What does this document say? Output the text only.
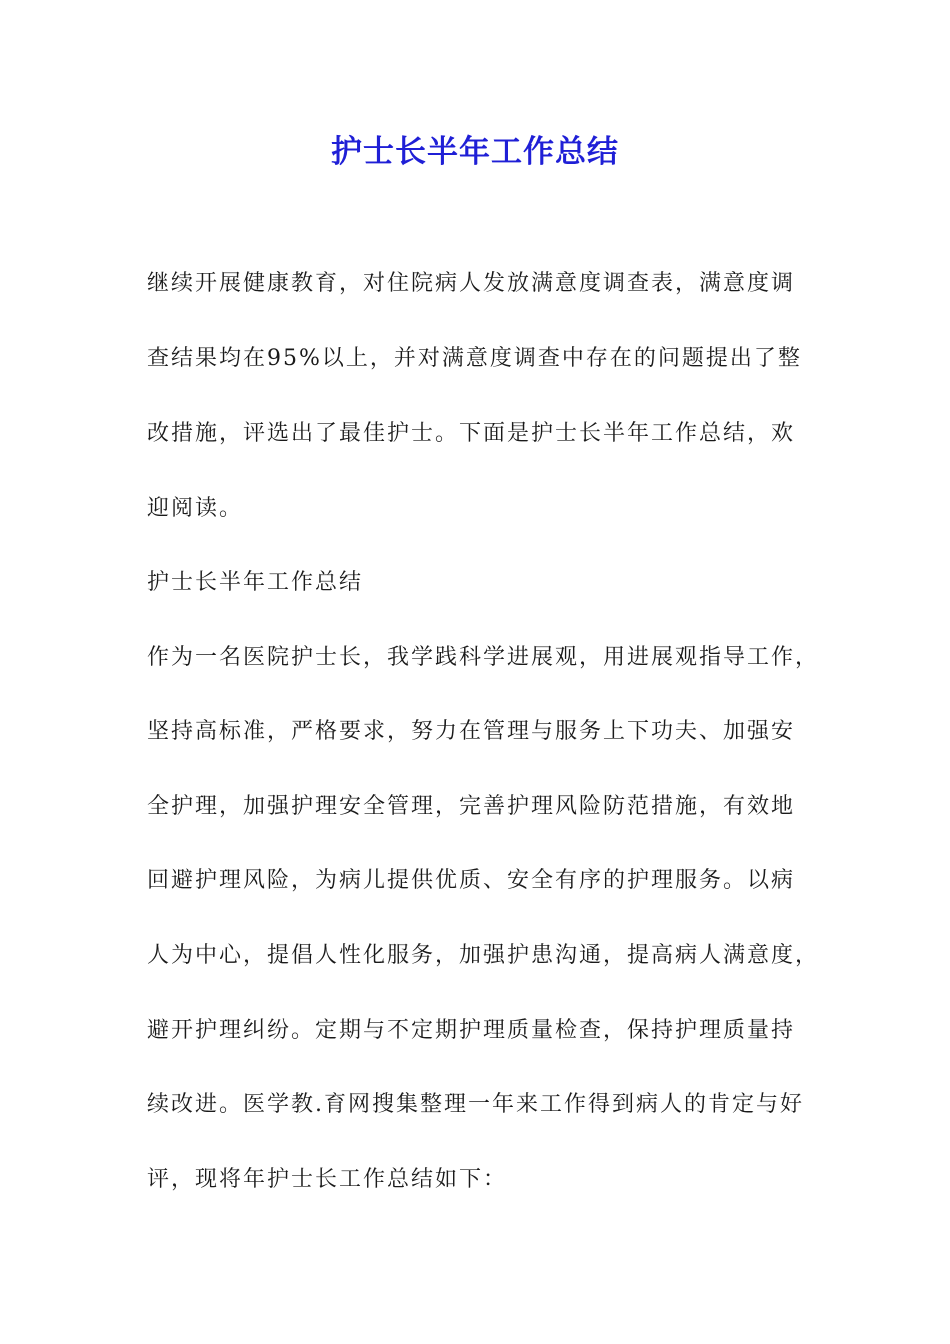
护士长半年工作总结
继续开展健康教育，对住院病人发放满意度调查表，满意度调
查结果均在95%以上，并对满意度调查中存在的问题提出了整
改措施，评选出了最佳护士。下面是护士长半年工作总结，欢
迎阅读。
护士长半年工作总结
作为一名医院护士长，我学践科学进展观，用进展观指导工作，
坚持高标准，严格要求，努力在管理与服务上下功夫、加强安
全护理，加强护理安全管理，完善护理风险防范措施，有效地
回避护理风险，为病儿提供优质、安全有序的护理服务。以病
人为中心，提倡人性化服务，加强护患沟通，提高病人满意度，
避开护理纠纷。定期与不定期护理质量检查，保持护理质量持
续改进。医学教.育网搜集整理一年来工作得到病人的肯定与好
评，现将年护士长工作总结如下：
